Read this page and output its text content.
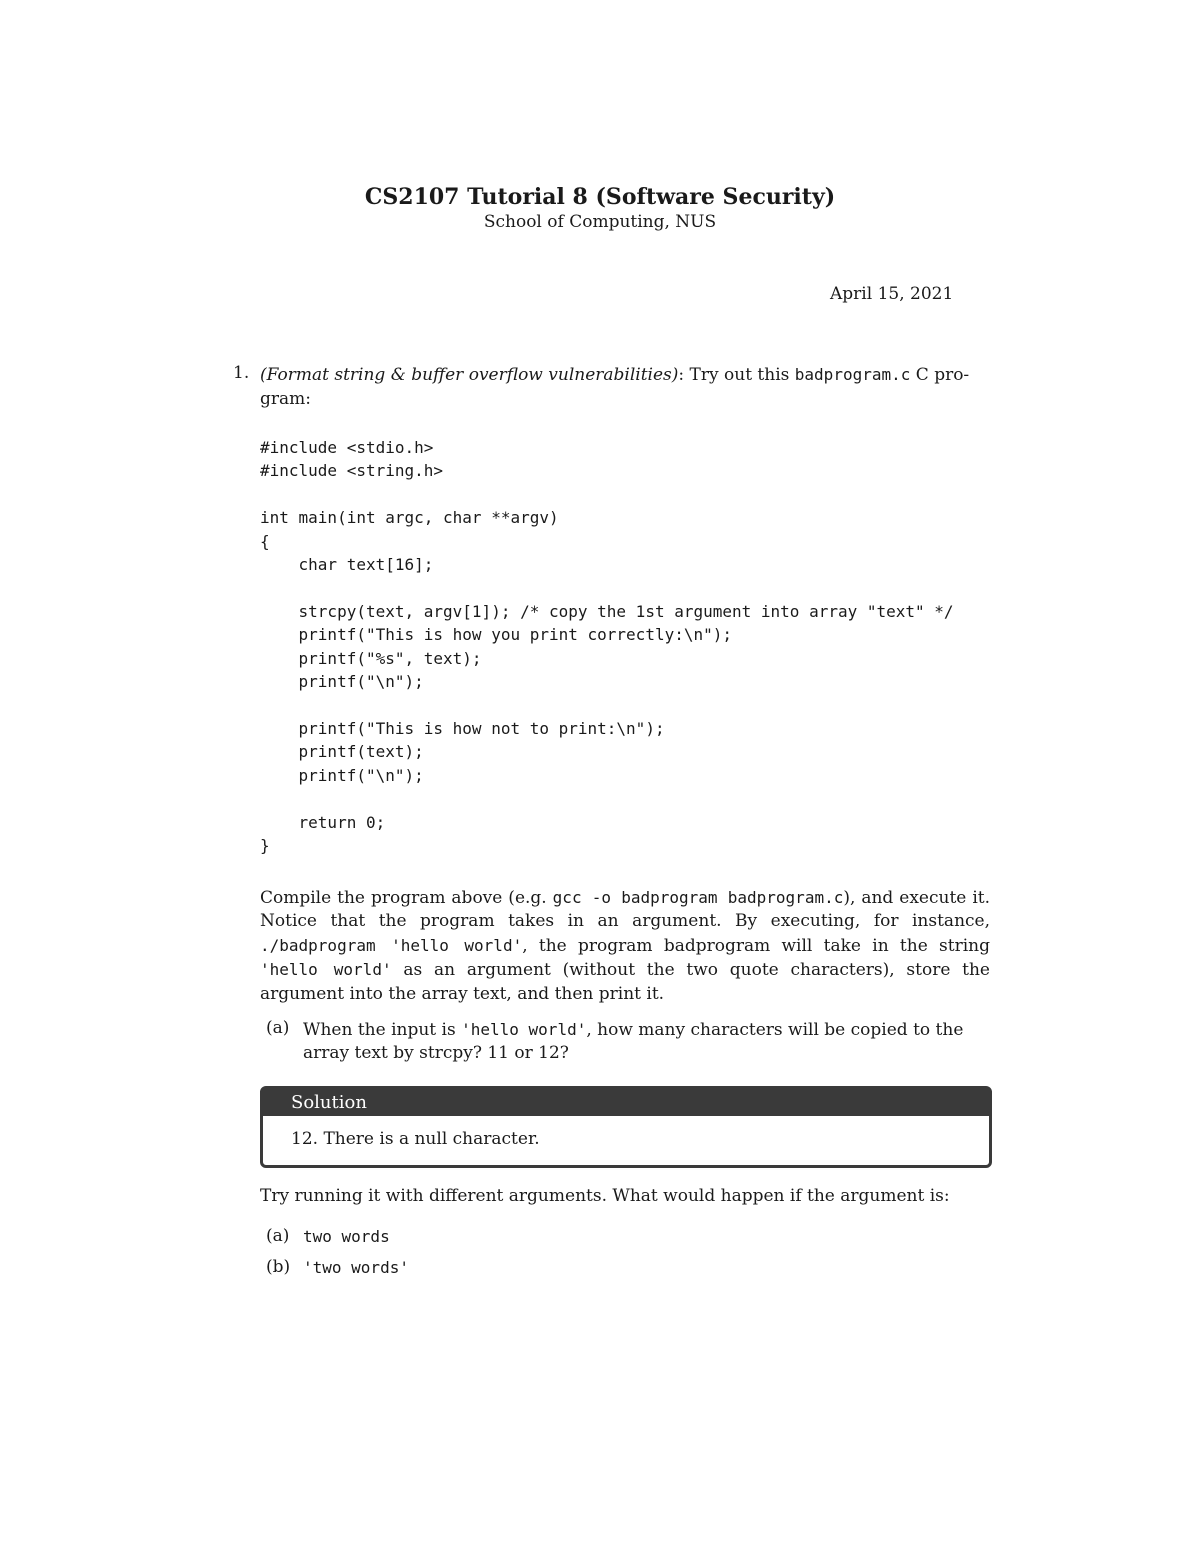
CS2107 Tutorial 8 (Software Security)
School of Computing, NUS
April 15, 2021
1. (Format string & buffer overflow vulnerabilities): Try out this badprogram.c C pro-gram:
#include <stdio.h>
#include <string.h>

int main(int argc, char **argv)
{
char text[16];

strcpy(text, argv[1]); /* copy the 1st argument into array "text" */
printf("This is how you print correctly:\n");
printf("%s", text);
printf("\n");

printf("This is how not to print:\n");
printf(text);
printf("\n");

return 0;
}
Compile the program above (e.g. gcc -o badprogram badprogram.c), and execute it. Notice that the program takes in an argument. By executing, for instance, ./badprogram 'hello world', the program badprogram will take in the string 'hello world' as an argument (without the two quote characters), store the argument into the array text, and then print it.
(a) When the input is 'hello world', how many characters will be copied to the array text by strcpy? 11 or 12?
Solution
12. There is a null character.
Try running it with different arguments. What would happen if the argument is:
(a) two words
(b) 'two words'
